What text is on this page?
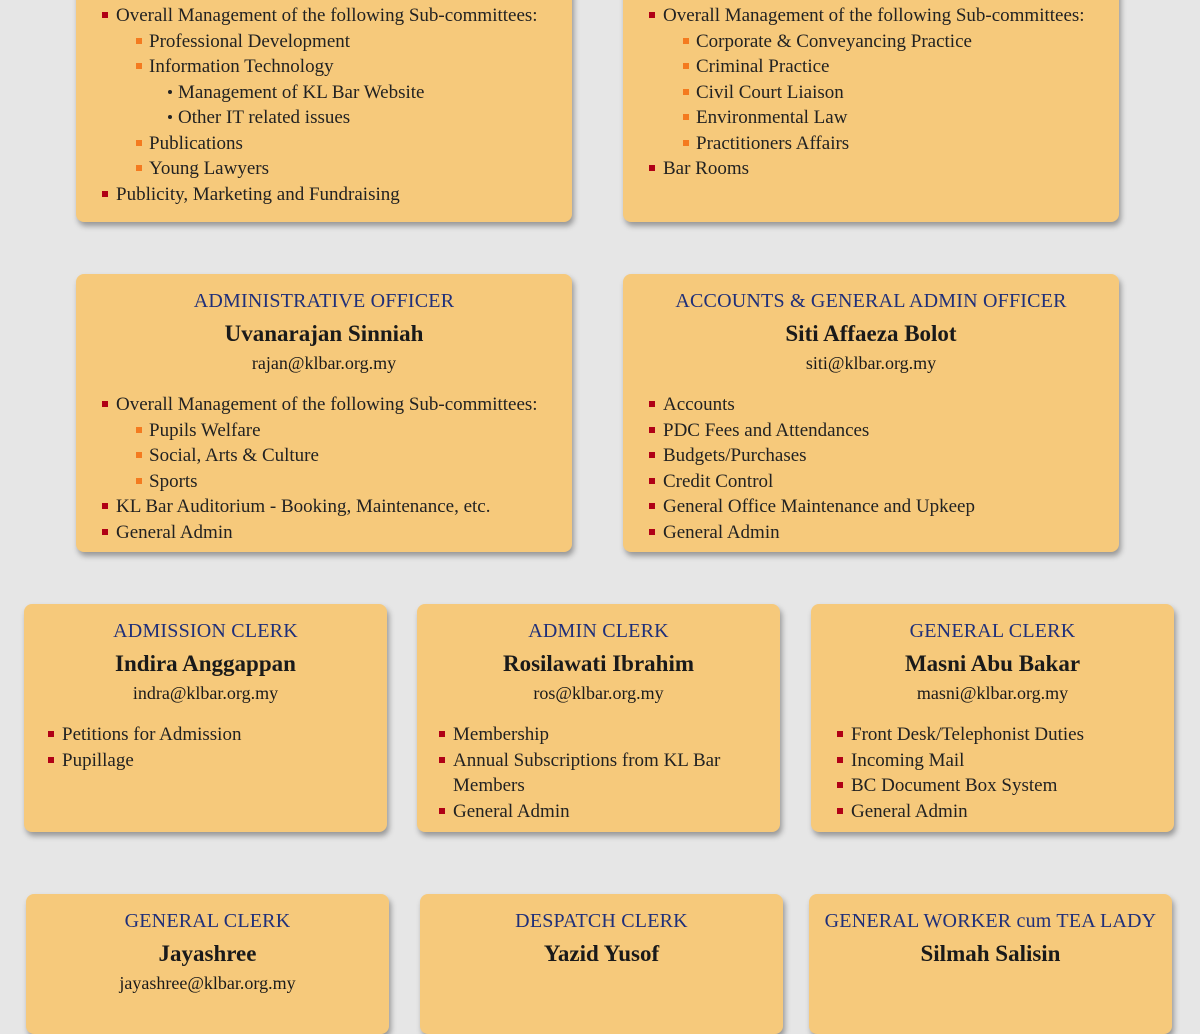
Overall Management of the following Sub-committees:
Professional Development
Information Technology
Management of KL Bar Website
Other IT related issues
Publications
Young Lawyers
Publicity, Marketing and Fundraising
Overall Management of the following Sub-committees:
Corporate & Conveyancing Practice
Criminal Practice
Civil Court Liaison
Environmental Law
Practitioners Affairs
Bar Rooms
ADMINISTRATIVE OFFICER
Uvanarajan Sinniah
rajan@klbar.org.my
Overall Management of the following Sub-committees:
Pupils Welfare
Social, Arts & Culture
Sports
KL Bar Auditorium - Booking, Maintenance, etc.
General Admin
ACCOUNTS & GENERAL ADMIN OFFICER
Siti Affaeza Bolot
siti@klbar.org.my
Accounts
PDC Fees and Attendances
Budgets/Purchases
Credit Control
General Office Maintenance and Upkeep
General Admin
ADMISSION CLERK
Indira Anggappan
indra@klbar.org.my
Petitions for Admission
Pupillage
ADMIN CLERK
Rosilawati Ibrahim
ros@klbar.org.my
Membership
Annual Subscriptions from KL Bar Members
General Admin
GENERAL CLERK
Masni Abu Bakar
masni@klbar.org.my
Front Desk/Telephonist Duties
Incoming Mail
BC Document Box System
General Admin
GENERAL CLERK
Jayashree
jayashree@klbar.org.my
DESPATCH CLERK
Yazid Yusof
GENERAL WORKER cum TEA LADY
Silmah Salisin
